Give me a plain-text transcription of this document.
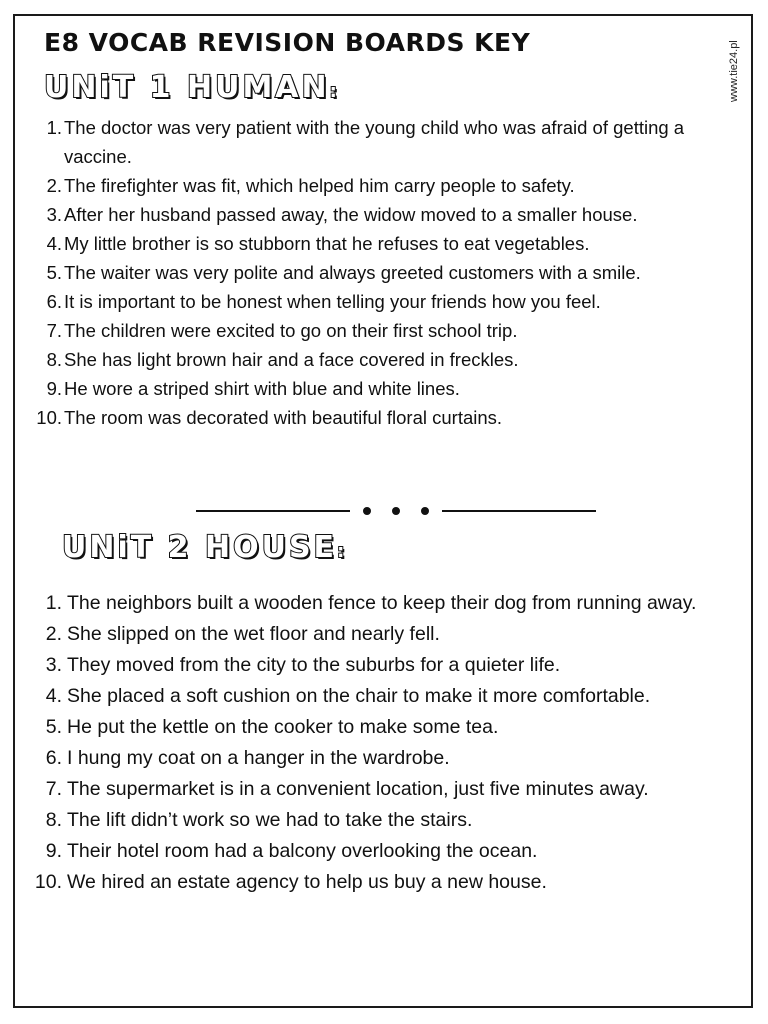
E8 VOCAB REVISION BOARDS KEY	www.tie24.pl
UNiT 1 HUMAN:
1. The doctor was very patient with the young child who was afraid of getting a vaccine.
2. The firefighter was fit, which helped him carry people to safety.
3. After her husband passed away, the widow moved to a smaller house.
4. My little brother is so stubborn that he refuses to eat vegetables.
5. The waiter was very polite and always greeted customers with a smile.
6. It is important to be honest when telling your friends how you feel.
7. The children were excited to go on their first school trip.
8. She has light brown hair and a face covered in freckles.
9. He wore a striped shirt with blue and white lines.
10. The room was decorated with beautiful floral curtains.
UNiT 2 HOUSE:
1. The neighbors built a wooden fence to keep their dog from running away.
2. She slipped on the wet floor and nearly fell.
3. They moved from the city to the suburbs for a quieter life.
4. She placed a soft cushion on the chair to make it more comfortable.
5. He put the kettle on the cooker to make some tea.
6. I hung my coat on a hanger in the wardrobe.
7. The supermarket is in a convenient location, just five minutes away.
8. The lift didn’t work so we had to take the stairs.
9. Their hotel room had a balcony overlooking the ocean.
10. We hired an estate agency to help us buy a new house.
